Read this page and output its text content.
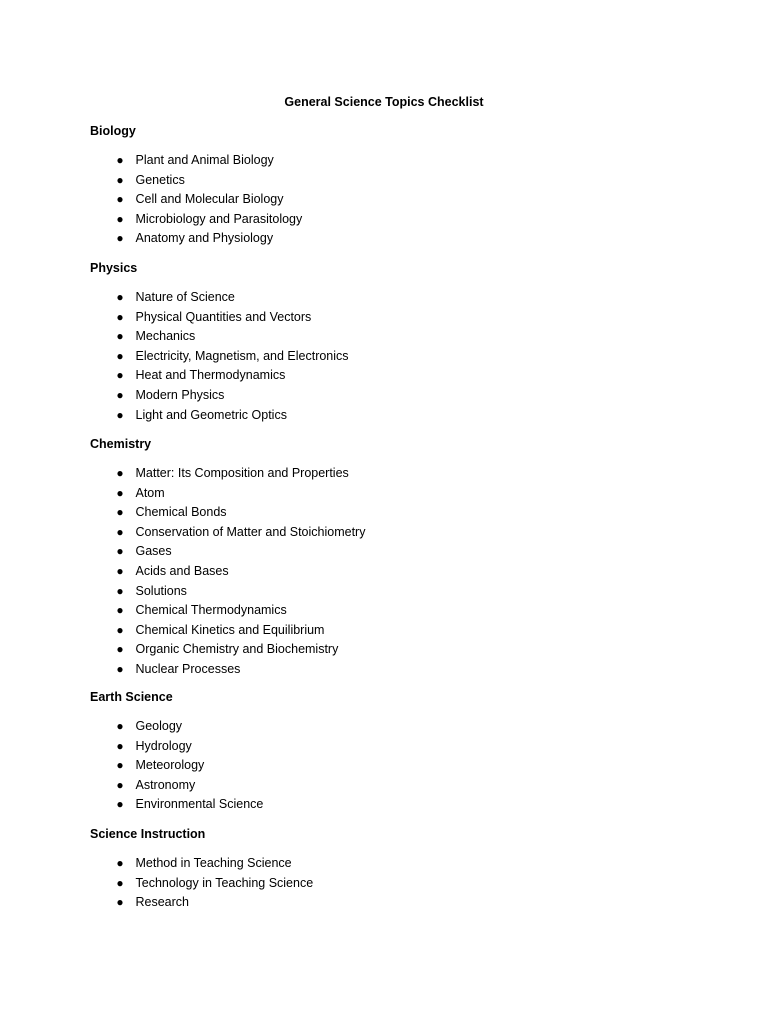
General Science Topics Checklist
Biology
● Plant and Animal Biology
● Genetics
● Cell and Molecular Biology
● Microbiology and Parasitology
● Anatomy and Physiology
Physics
● Nature of Science
● Physical Quantities and Vectors
● Mechanics
● Electricity, Magnetism, and Electronics
● Heat and Thermodynamics
● Modern Physics
● Light and Geometric Optics
Chemistry
● Matter: Its Composition and Properties
● Atom
● Chemical Bonds
● Conservation of Matter and Stoichiometry
● Gases
● Acids and Bases
● Solutions
● Chemical Thermodynamics
● Chemical Kinetics and Equilibrium
● Organic Chemistry and Biochemistry
● Nuclear Processes
Earth Science
● Geology
● Hydrology
● Meteorology
● Astronomy
● Environmental Science
Science Instruction
● Method in Teaching Science
● Technology in Teaching Science
● Research
